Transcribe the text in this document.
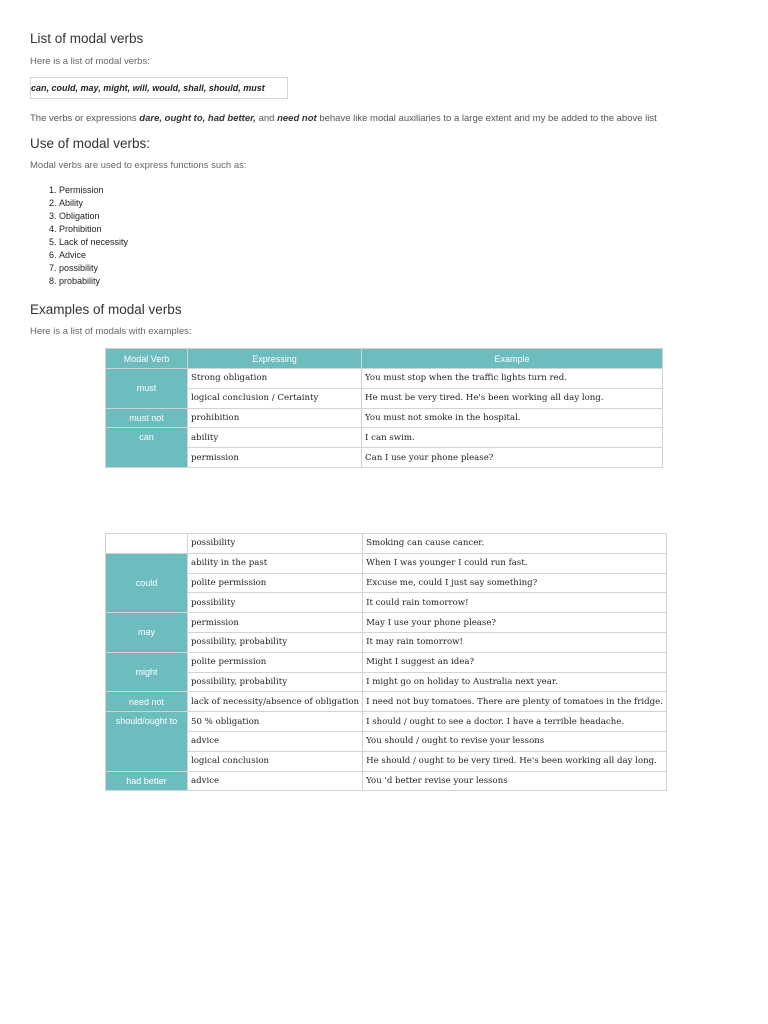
List of modal verbs
Here is a list of modal verbs:
can, could, may, might, will, would, shall, should, must
The verbs or expressions dare, ought to, had better, and need not behave like modal auxiliaries to a large extent and my be added to the above list
Use of modal verbs:
Modal verbs are used to express functions such as:
1. Permission
2. Ability
3. Obligation
4. Prohibition
5. Lack of necessity
6. Advice
7. possibility
8. probability
Examples of modal verbs
Here is a list of modals with examples:
Modal Verb	Expressing	Example
must	Strong obligation	You must stop when the traffic lights turn red.
	logical conclusion / Certainty	He must be very tired. He's been working all day long.
must not	prohibition	You must not smoke in the hospital.
can	ability	I can swim.
	permission	Can I use your phone please?
	possibility	Smoking can cause cancer.
could	ability in the past	When I was younger I could run fast.
	polite permission	Excuse me, could I just say something?
	possibility	It could rain tomorrow!
may	permission	May I use your phone please?
	possibility, probability	It may rain tomorrow!
might	polite permission	Might I suggest an idea?
	possibility, probability	I might go on holiday to Australia next year.
need not	lack of necessity/absence of obligation	I need not buy tomatoes. There are plenty of tomatoes in the fridge.
should/ought to	50 % obligation	I should / ought to see a doctor. I have a terrible headache.
	advice	You should / ought to revise your lessons
	logical conclusion	He should / ought to be very tired. He's been working all day long.
had better	advice	You 'd better revise your lessons
